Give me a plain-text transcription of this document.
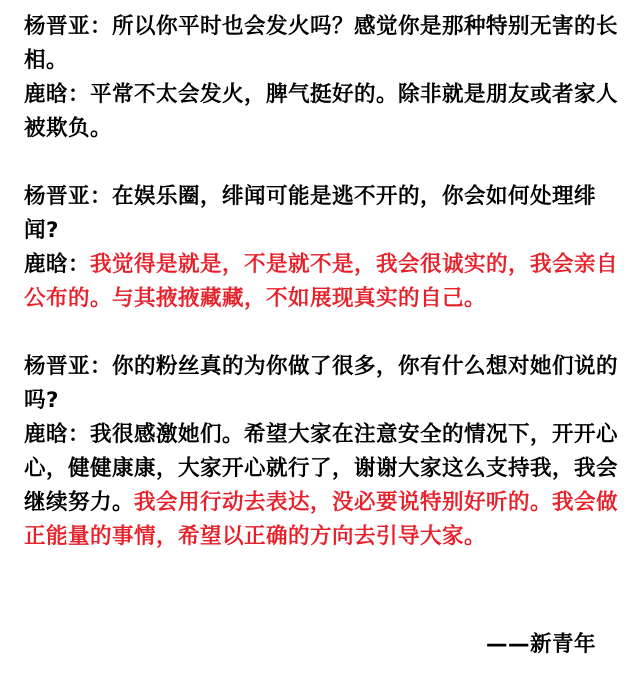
杨晋亚：所以你平时也会发火吗？感觉你是那种特别无害的长相。

鹿晗：平常不太会发火，脾气挺好的。除非就是朋友或者家人被欺负。

杨晋亚：在娱乐圈，绯闻可能是逃不开的，你会如何处理绯闻?

鹿晗：我觉得是就是，不是就不是，我会很诚实的，我会亲自公布的。与其掖掖藏藏，不如展现真实的自己。

杨晋亚：你的粉丝真的为你做了很多，你有什么想对她们说的吗?

鹿晗：我很感激她们。希望大家在注意安全的情况下，开开心心，健健康康，大家开心就行了，谢谢大家这么支持我，我会继续努力。我会用行动去表达，没必要说特别好听的。我会做正能量的事情，希望以正确的方向去引导大家。

——新青年
